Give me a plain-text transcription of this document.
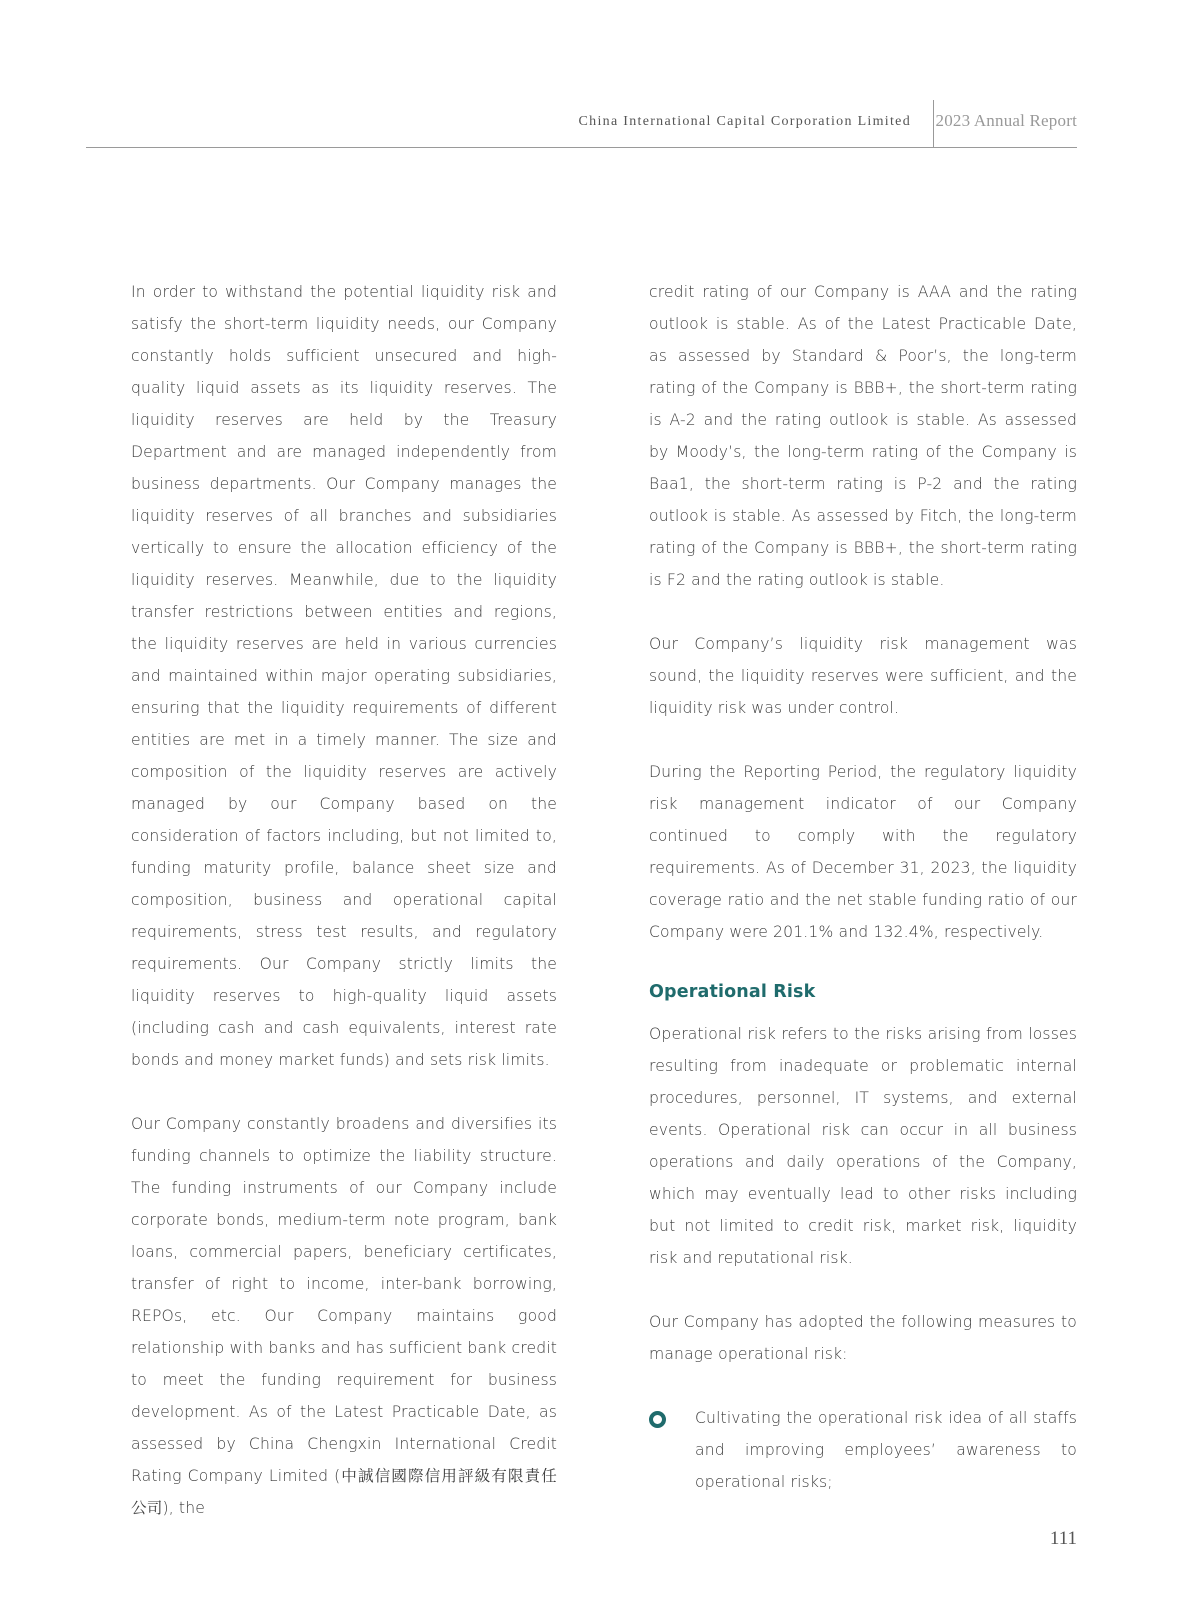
China International Capital Corporation Limited 2023 Annual Report

In order to withstand the potential liquidity risk and satisfy the short-term liquidity needs, our Company constantly holds sufficient unsecured and high-quality liquid assets as its liquidity reserves. The liquidity reserves are held by the Treasury Department and are managed independently from business departments. Our Company manages the liquidity reserves of all branches and subsidiaries vertically to ensure the allocation efficiency of the liquidity reserves. Meanwhile, due to the liquidity transfer restrictions between entities and regions, the liquidity reserves are held in various currencies and maintained within major operating subsidiaries, ensuring that the liquidity requirements of different entities are met in a timely manner. The size and composition of the liquidity reserves are actively managed by our Company based on the consideration of factors including, but not limited to, funding maturity profile, balance sheet size and composition, business and operational capital requirements, stress test results, and regulatory requirements. Our Company strictly limits the liquidity reserves to high-quality liquid assets (including cash and cash equivalents, interest rate bonds and money market funds) and sets risk limits.

Our Company constantly broadens and diversifies its funding channels to optimize the liability structure. The funding instruments of our Company include corporate bonds, medium-term note program, bank loans, commercial papers, beneficiary certificates, transfer of right to income, inter-bank borrowing, REPOs, etc. Our Company maintains good relationship with banks and has sufficient bank credit to meet the funding requirement for business development. As of the Latest Practicable Date, as assessed by China Chengxin International Credit Rating Company Limited (中誠信國際信用評級有限責任公司), the

credit rating of our Company is AAA and the rating outlook is stable. As of the Latest Practicable Date, as assessed by Standard & Poor’s, the long-term rating of the Company is BBB+, the short-term rating is A-2 and the rating outlook is stable. As assessed by Moody’s, the long-term rating of the Company is Baa1, the short-term rating is P-2 and the rating outlook is stable. As assessed by Fitch, the long-term rating of the Company is BBB+, the short-term rating is F2 and the rating outlook is stable.

Our Company’s liquidity risk management was sound, the liquidity reserves were sufficient, and the liquidity risk was under control.

During the Reporting Period, the regulatory liquidity risk management indicator of our Company continued to comply with the regulatory requirements. As of December 31, 2023, the liquidity coverage ratio and the net stable funding ratio of our Company were 201.1% and 132.4%, respectively.

Operational Risk

Operational risk refers to the risks arising from losses resulting from inadequate or problematic internal procedures, personnel, IT systems, and external events. Operational risk can occur in all business operations and daily operations of the Company, which may eventually lead to other risks including but not limited to credit risk, market risk, liquidity risk and reputational risk.

Our Company has adopted the following measures to manage operational risk:

Cultivating the operational risk idea of all staffs and improving employees’ awareness to operational risks;
111
